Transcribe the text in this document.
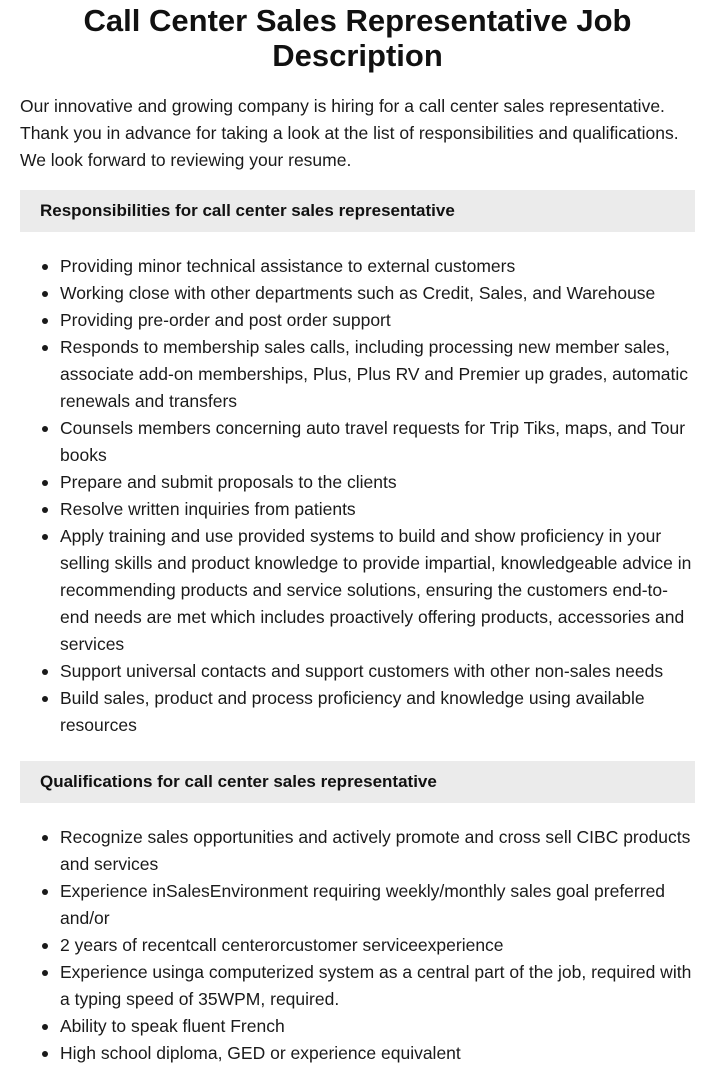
Call Center Sales Representative Job Description

Our innovative and growing company is hiring for a call center sales representative. Thank you in advance for taking a look at the list of responsibilities and qualifications. We look forward to reviewing your resume.

Responsibilities for call center sales representative
Providing minor technical assistance to external customers
Working close with other departments such as Credit, Sales, and Warehouse
Providing pre-order and post order support
Responds to membership sales calls, including processing new member sales, associate add-on memberships, Plus, Plus RV and Premier up grades, automatic renewals and transfers
Counsels members concerning auto travel requests for Trip Tiks, maps, and Tour books
Prepare and submit proposals to the clients
Resolve written inquiries from patients
Apply training and use provided systems to build and show proficiency in your selling skills and product knowledge to provide impartial, knowledgeable advice in recommending products and service solutions, ensuring the customers end-to-end needs are met which includes proactively offering products, accessories and services
Support universal contacts and support customers with other non-sales needs
Build sales, product and process proficiency and knowledge using available resources
Qualifications for call center sales representative
Recognize sales opportunities and actively promote and cross sell CIBC products and services
Experience inSalesEnvironment requiring weekly/monthly sales goal preferred and/or
2 years of recentcall centerorcustomer serviceexperience
Experience usinga computerized system as a central part of the job, required with a typing speed of 35WPM, required.
Ability to speak fluent French
High school diploma, GED or experience equivalent
